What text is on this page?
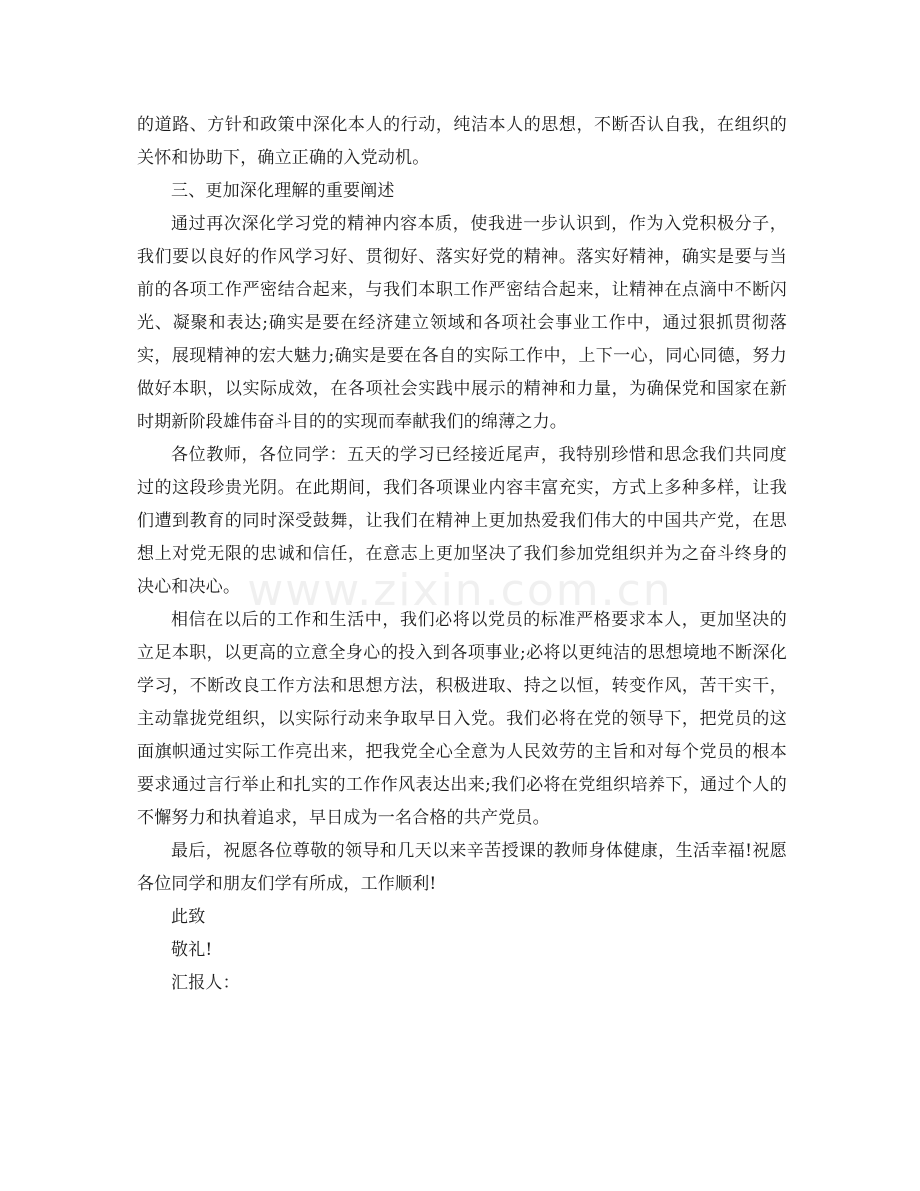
www.zixin.com.cn

的道路、方针和政策中深化本人的行动，纯洁本人的思想，不断否认自我，在组织的关怀和协助下，确立正确的入党动机。

三、更加深化理解的重要阐述

通过再次深化学习党的精神内容本质，使我进一步认识到，作为入党积极分子，我们要以良好的作风学习好、贯彻好、落实好党的精神。落实好精神，确实是要与当前的各项工作严密结合起来，与我们本职工作严密结合起来，让精神在点滴中不断闪光、凝聚和表达;确实是要在经济建立领域和各项社会事业工作中，通过狠抓贯彻落实，展现精神的宏大魅力;确实是要在各自的实际工作中，上下一心，同心同德，努力做好本职，以实际成效，在各项社会实践中展示的精神和力量，为确保党和国家在新时期新阶段雄伟奋斗目的的实现而奉献我们的绵薄之力。

各位教师，各位同学：五天的学习已经接近尾声，我特别珍惜和思念我们共同度过的这段珍贵光阴。在此期间，我们各项课业内容丰富充实，方式上多种多样，让我们遭到教育的同时深受鼓舞，让我们在精神上更加热爱我们伟大的中国共产党，在思想上对党无限的忠诚和信任，在意志上更加坚决了我们参加党组织并为之奋斗终身的决心和决心。

相信在以后的工作和生活中，我们必将以党员的标准严格要求本人，更加坚决的立足本职，以更高的立意全身心的投入到各项事业;必将以更纯洁的思想境地不断深化学习，不断改良工作方法和思想方法，积极进取、持之以恒，转变作风，苦干实干，主动靠拢党组织，以实际行动来争取早日入党。我们必将在党的领导下，把党员的这面旗帜通过实际工作亮出来，把我党全心全意为人民效劳的主旨和对每个党员的根本要求通过言行举止和扎实的工作作风表达出来;我们必将在党组织培养下，通过个人的不懈努力和执着追求，早日成为一名合格的共产党员。

最后，祝愿各位尊敬的领导和几天以来辛苦授课的教师身体健康，生活幸福!祝愿各位同学和朋友们学有所成，工作顺利!

此致

敬礼!

汇报人：
